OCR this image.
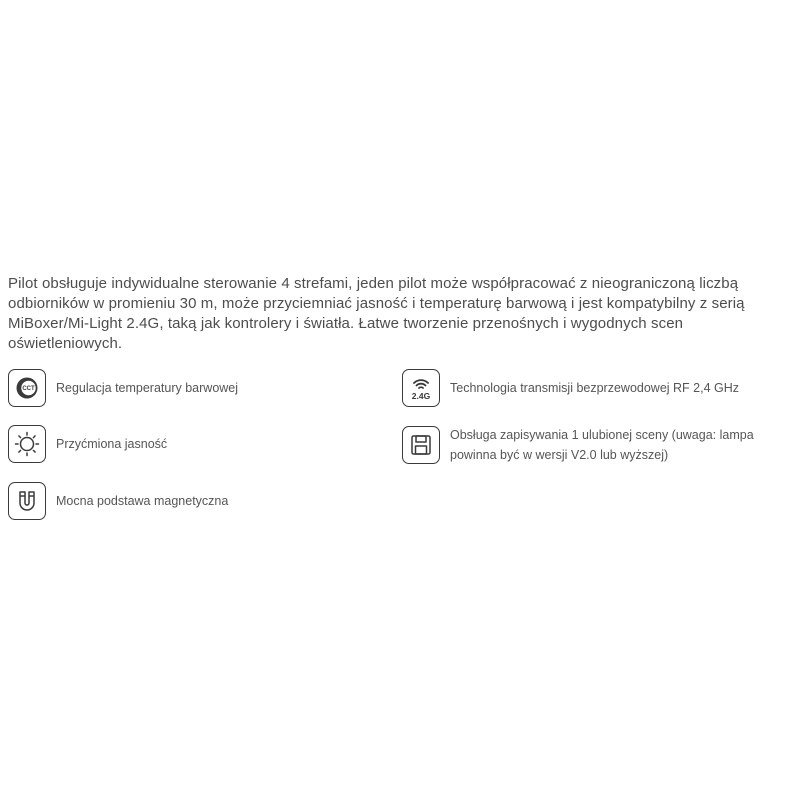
Pilot obsługuje indywidualne sterowanie 4 strefami, jeden pilot może współpracować z nieograniczoną liczbą odbiorników w promieniu 30 m, może przyciemniać jasność i temperaturę barwową i jest kompatybilny z serią MiBoxer/Mi-Light 2.4G, taką jak kontrolery i światła. Łatwe tworzenie przenośnych i wygodnych scen oświetleniowych.

CCT Regulacja temperatury barwowej
Przyćmiona jasność
Mocna podstawa magnetyczna
2.4G
Technologia transmisji bezprzewodowej RF 2,4 GHz
Obsługa zapisywania 1 ulubionej sceny (uwaga: lampa powinna być w wersji V2.0 lub wyższej)
